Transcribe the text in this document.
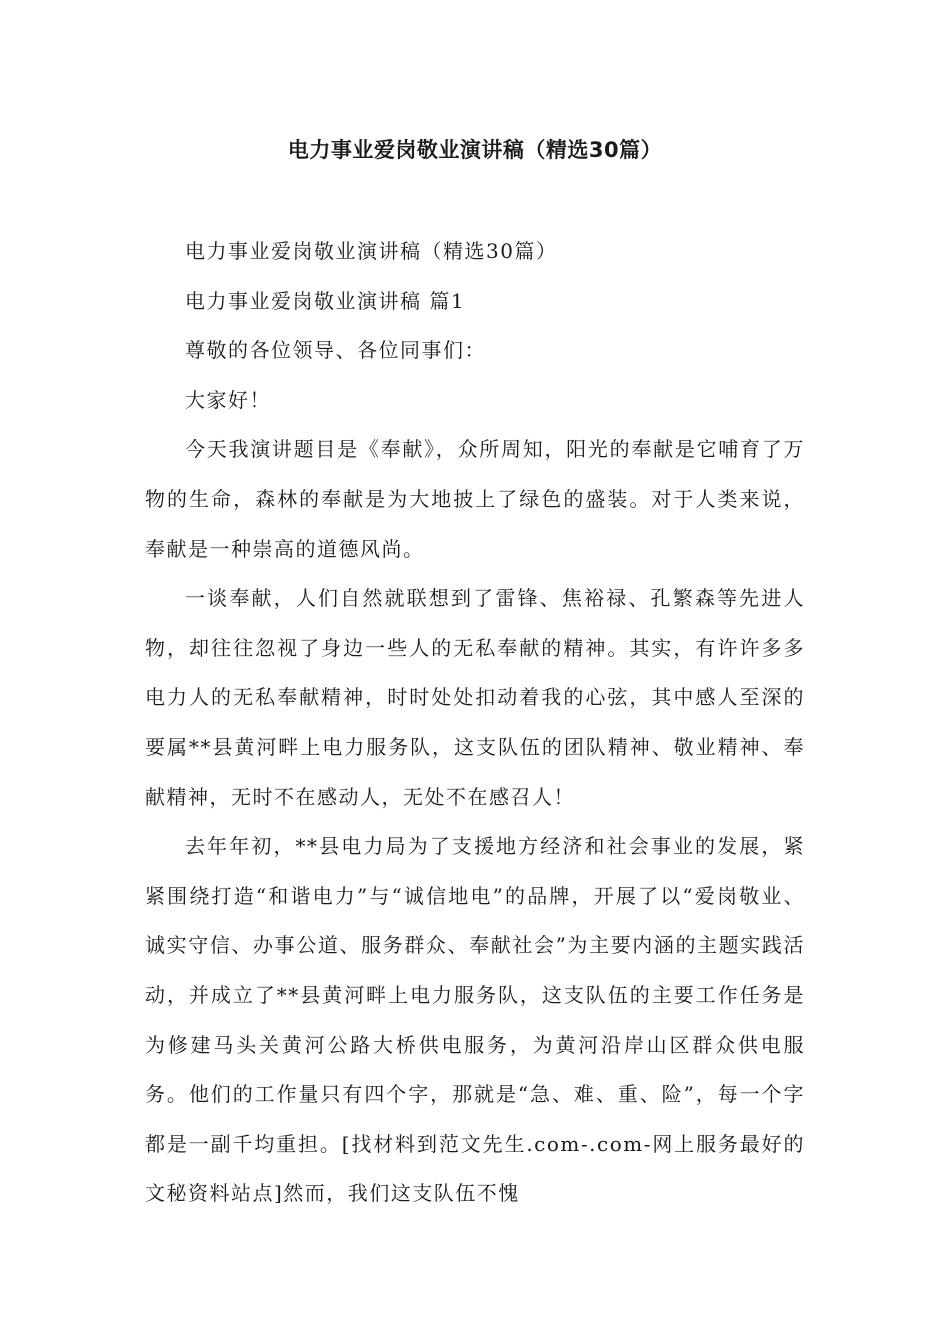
电力事业爱岗敬业演讲稿（精选30篇）

电力事业爱岗敬业演讲稿（精选30篇）

电力事业爱岗敬业演讲稿 篇1

尊敬的各位领导、各位同事们：

大家好！

今天我演讲题目是《奉献》，众所周知，阳光的奉献是它哺育了万物的生命，森林的奉献是为大地披上了绿色的盛装。对于人类来说，奉献是一种崇高的道德风尚。

一谈奉献，人们自然就联想到了雷锋、焦裕禄、孔繁森等先进人物，却往往忽视了身边一些人的无私奉献的精神。其实，有许许多多电力人的无私奉献精神，时时处处扣动着我的心弦，其中感人至深的要属**县黄河畔上电力服务队，这支队伍的团队精神、敬业精神、奉献精神，无时不在感动人，无处不在感召人！

去年年初，**县电力局为了支援地方经济和社会事业的发展，紧紧围绕打造“和谐电力”与“诚信地电”的品牌，开展了以“爱岗敬业、诚实守信、办事公道、服务群众、奉献社会”为主要内涵的主题实践活动，并成立了**县黄河畔上电力服务队，这支队伍的主要工作任务是为修建马头关黄河公路大桥供电服务，为黄河沿岸山区群众供电服务。他们的工作量只有四个字，那就是“急、难、重、险”，每一个字都是一副千均重担。[找材料到范文先生.com-.com-网上服务最好的文秘资料站点]然而，我们这支队伍不愧
